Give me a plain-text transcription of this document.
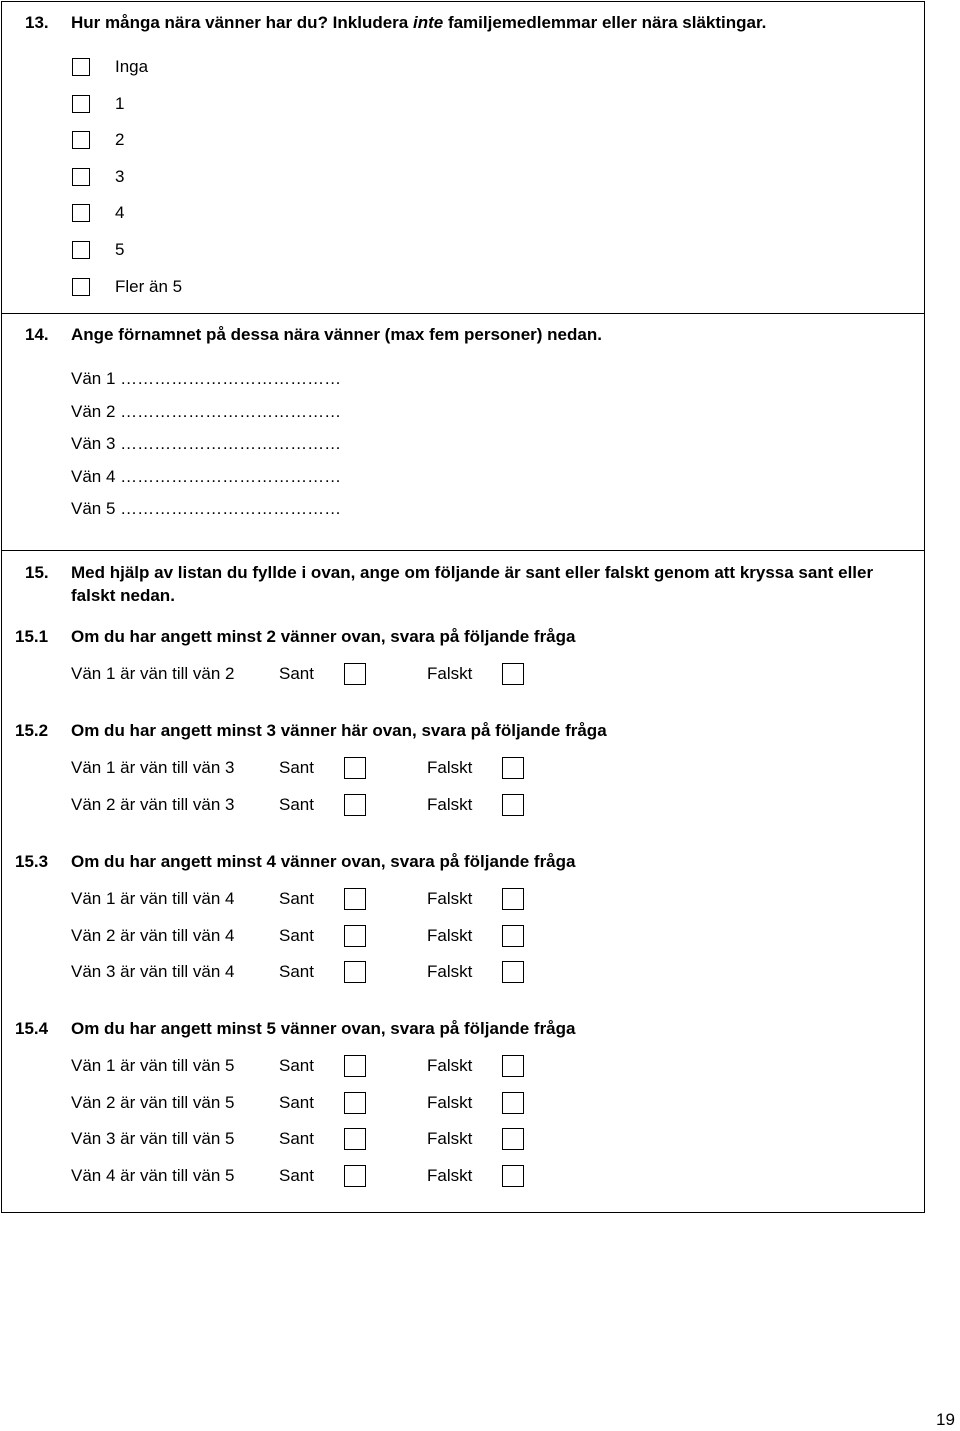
13. Hur många nära vänner har du? Inkludera inte familjemedlemmar eller nära släktingar.
Inga
1
2
3
4
5
Fler än 5
14. Ange förnamnet på dessa nära vänner (max fem personer) nedan.
Vän 1 …………………………………
Vän 2 …………………………………
Vän 3 …………………………………
Vän 4 …………………………………
Vän 5 …………………………………
15. Med hjälp av listan du fyllde i ovan, ange om följande är sant eller falskt genom att kryssa sant eller falskt nedan.
15.1 Om du har angett minst 2 vänner ovan, svara på följande fråga
Vän 1 är vän till vän 2	Sant	Falskt
15.2 Om du har angett minst 3 vänner här ovan, svara på följande fråga
Vän 1 är vän till vän 3	Sant	Falskt
Vän 2 är vän till vän 3	Sant	Falskt
15.3 Om du har angett minst 4 vänner ovan, svara på följande fråga
Vän 1 är vän till vän 4	Sant	Falskt
Vän 2 är vän till vän 4	Sant	Falskt
Vän 3 är vän till vän 4	Sant	Falskt
15.4 Om du har angett minst 5 vänner ovan, svara på följande fråga
Vän 1 är vän till vän 5	Sant	Falskt
Vän 2 är vän till vän 5	Sant	Falskt
Vän 3 är vän till vän 5	Sant	Falskt
Vän 4 är vän till vän 5	Sant	Falskt
19
